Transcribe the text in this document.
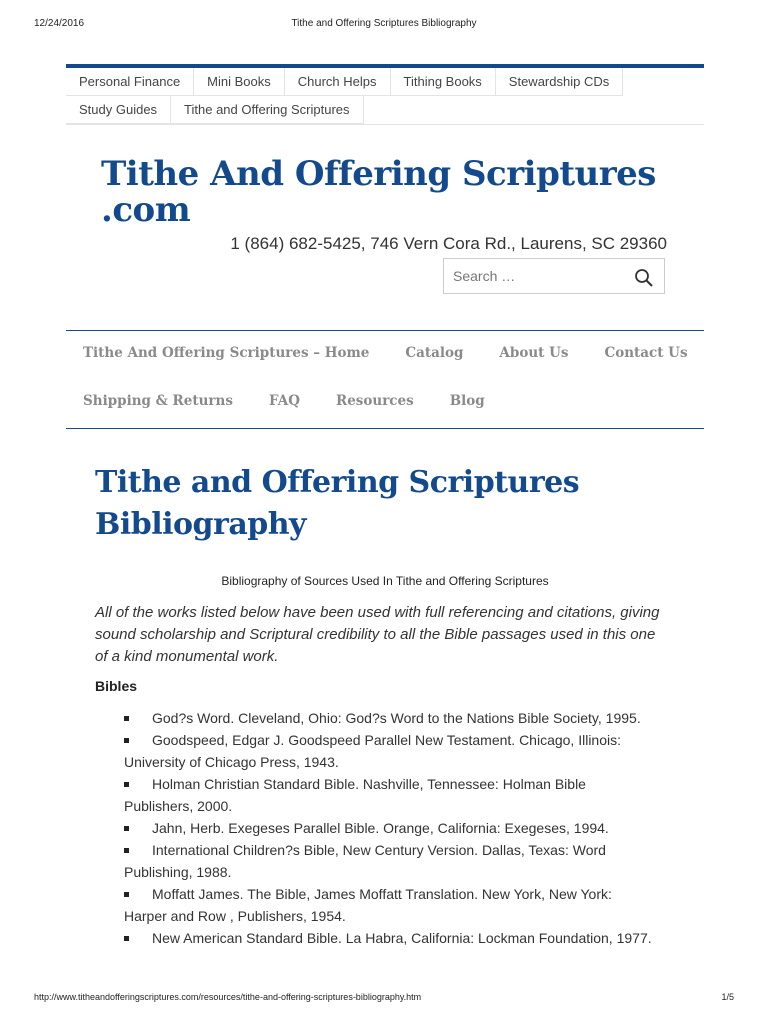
12/24/2016	Tithe and Offering Scriptures Bibliography
Personal Finance	Mini Books	Church Helps	Tithing Books	Stewardship CDs
Study Guides	Tithe and Offering Scriptures
Tithe And Offering Scriptures .com
1 (864) 682-5425, 746 Vern Cora Rd., Laurens, SC 29360
Search …
Tithe And Offering Scriptures – Home	Catalog	About Us	Contact Us
Shipping & Returns	FAQ	Resources	Blog
Tithe and Offering Scriptures Bibliography

Bibliography of Sources Used In Tithe and Offering Scriptures

All of the works listed below have been used with full referencing and citations, giving sound scholarship and Scriptural credibility to all the Bible passages used in this one of a kind monumental work.

Bibles
God?s Word. Cleveland, Ohio: God?s Word to the Nations Bible Society, 1995.
Goodspeed, Edgar J. Goodspeed Parallel New Testament. Chicago, Illinois: University of Chicago Press, 1943.
Holman Christian Standard Bible. Nashville, Tennessee: Holman Bible Publishers, 2000.
Jahn, Herb. Exegeses Parallel Bible. Orange, California: Exegeses, 1994.
International Children?s Bible, New Century Version. Dallas, Texas: Word Publishing, 1988.
Moffatt James. The Bible, James Moffatt Translation. New York, New York: Harper and Row , Publishers, 1954.
New American Standard Bible. La Habra, California: Lockman Foundation, 1977.
http://www.titheandofferingscriptures.com/resources/tithe-and-offering-scriptures-bibliography.htm	1/5
